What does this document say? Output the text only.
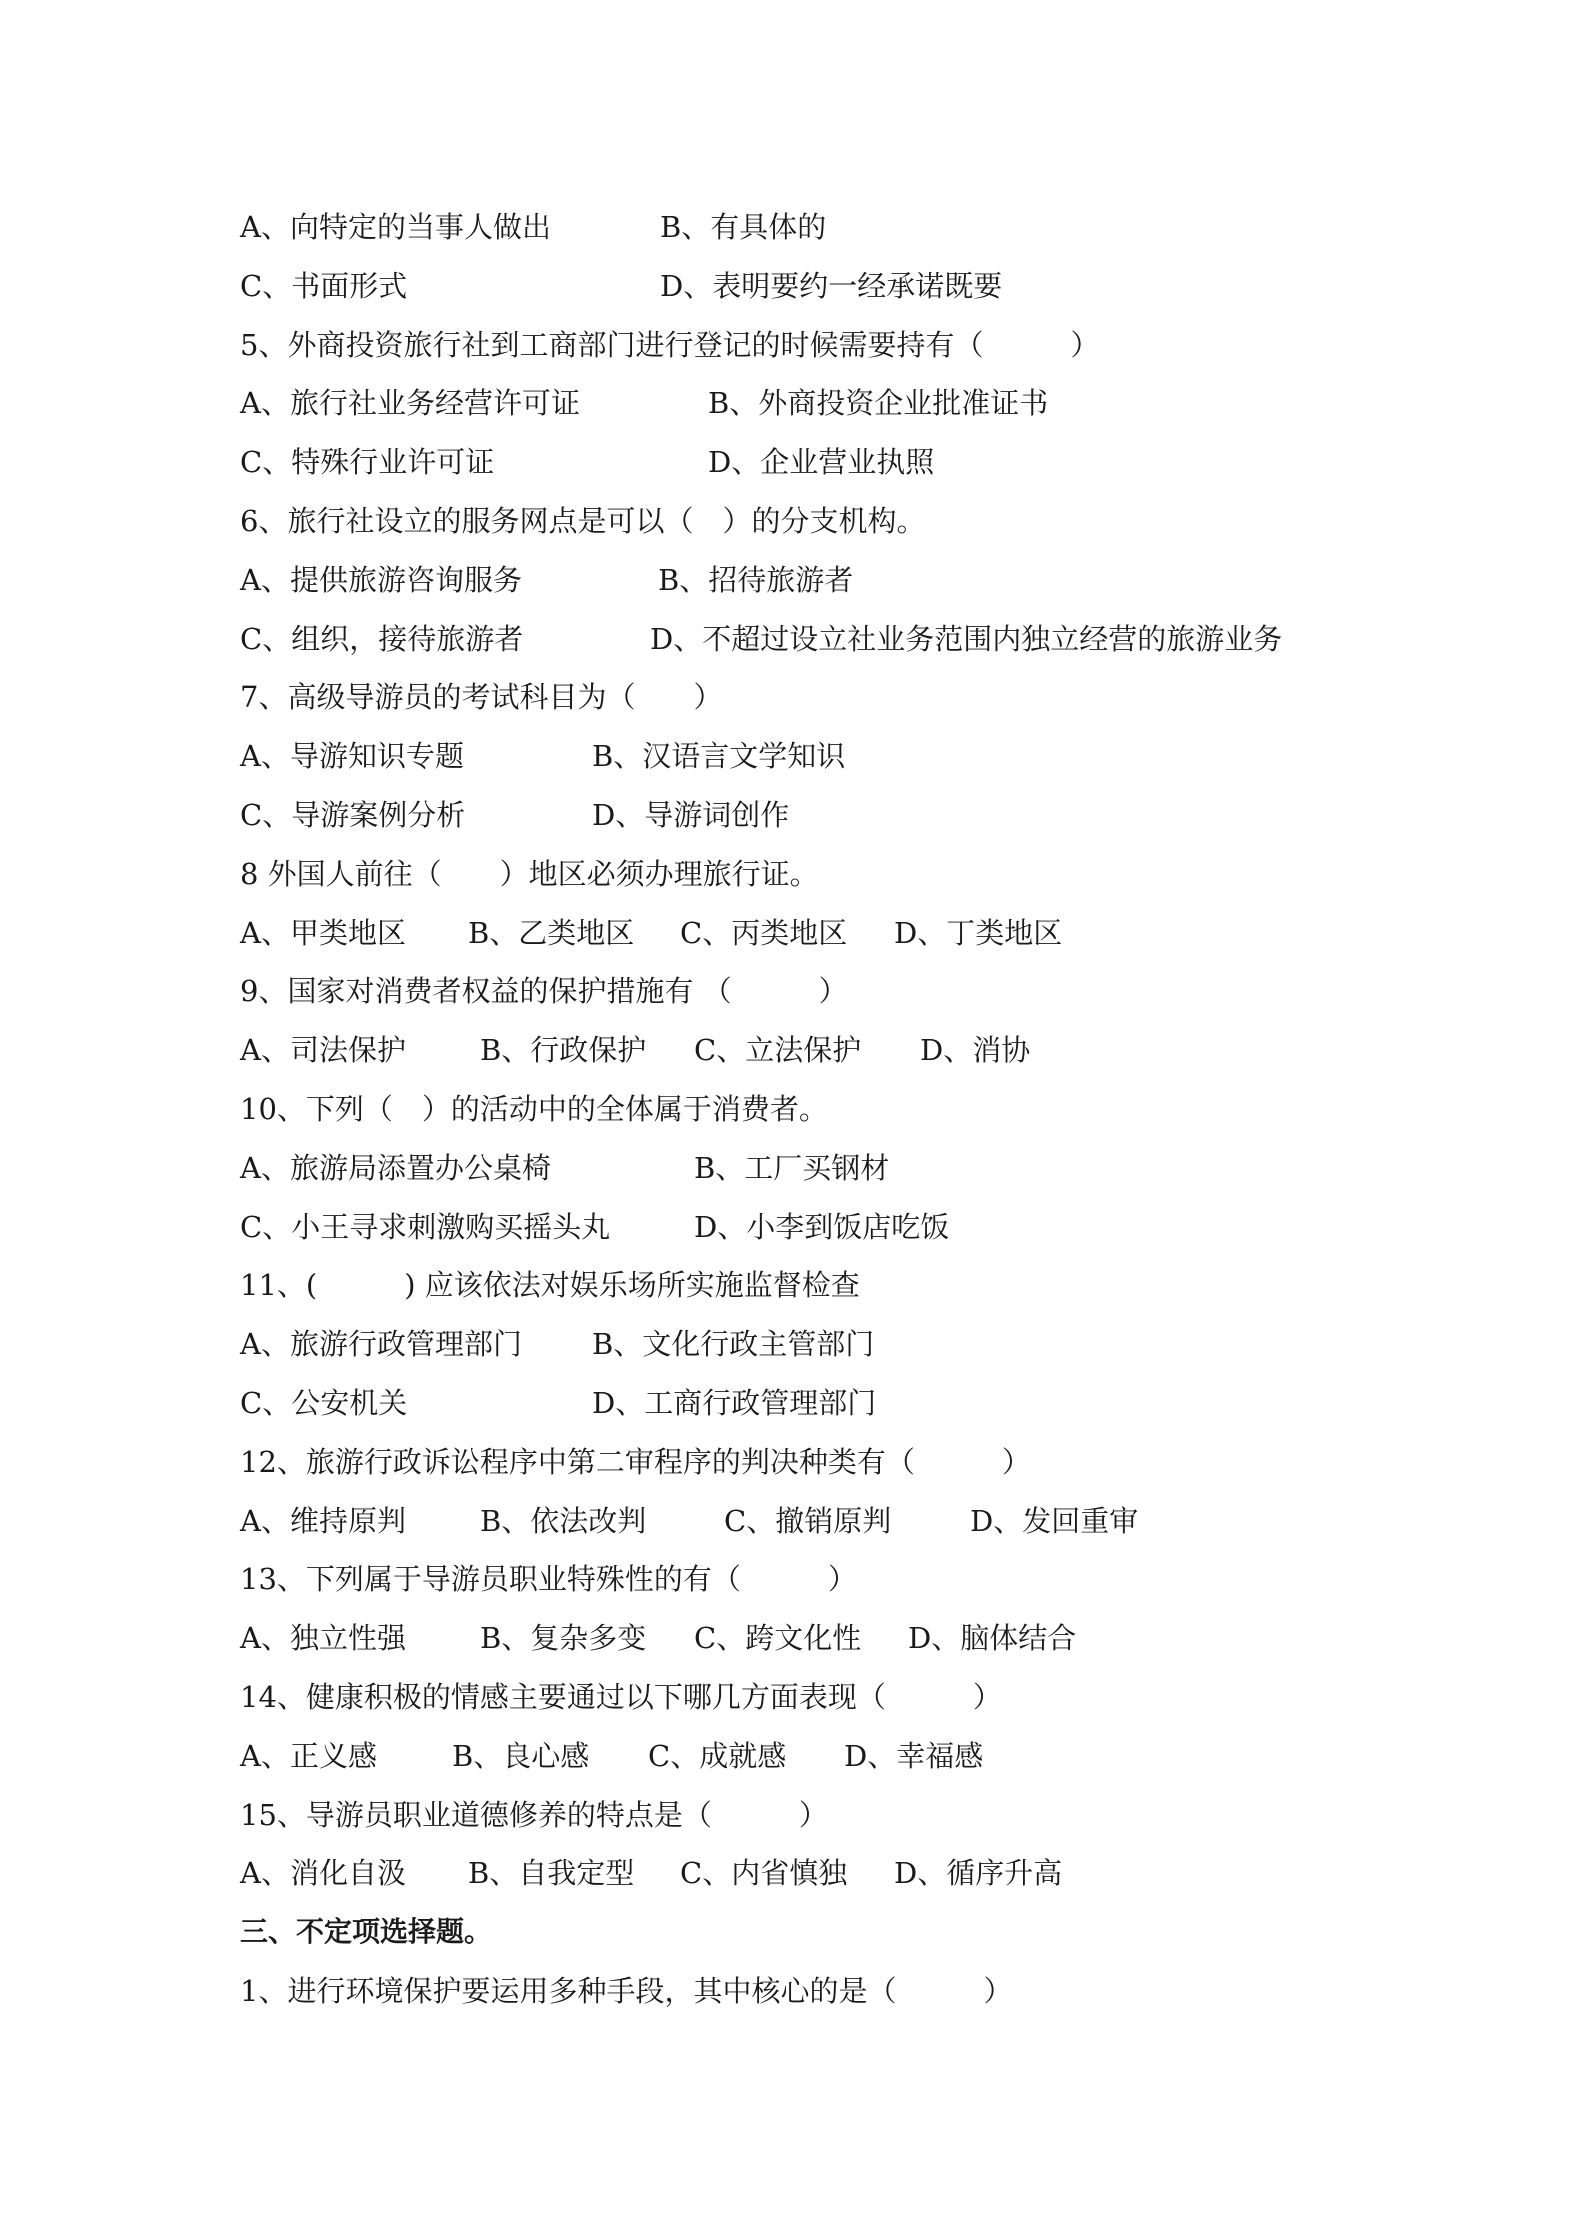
A、向特定的当事人做出	B、有具体的
C、书面形式	D、表明要约一经承诺既要
5、外商投资旅行社到工商部门进行登记的时候需要持有（　　　）
A、旅行社业务经营许可证	B、外商投资企业批准证书
C、特殊行业许可证	D、企业营业执照
6、旅行社设立的服务网点是可以（　）的分支机构。
A、提供旅游咨询服务	B、招待旅游者
C、组织，接待旅游者	D、不超过设立社业务范围内独立经营的旅游业务
7、高级导游员的考试科目为（　　）
A、导游知识专题	B、汉语言文学知识
C、导游案例分析	D、导游词创作
8 外国人前往（　　）地区必须办理旅行证。
A、甲类地区 B、乙类地区 C、丙类地区 D、丁类地区
9、国家对消费者权益的保护措施有 （　　　）
A、司法保护	B、行政保护 C、立法保护 D、消协
10、下列（　）的活动中的全体属于消费者。
A、旅游局添置办公桌椅	B、工厂买钢材
C、小王寻求刺激购买摇头丸	D、小李到饭店吃饭
11、(　　　) 应该依法对娱乐场所实施监督检查
A、旅游行政管理部门 B、文化行政主管部门
C、公安机关	D、工商行政管理部门
12、旅游行政诉讼程序中第二审程序的判决种类有（　　　）
A、维持原判	B、依法改判	C、撤销原判	D、发回重审
13、下列属于导游员职业特殊性的有（　　　）
A、独立性强	B、复杂多变 C、跨文化性 D、脑体结合
14、健康积极的情感主要通过以下哪几方面表现（　　　）
A、正义感	B、良心感 C、成就感 D、幸福感
15、导游员职业道德修养的特点是（　　　）
A、消化自汲 B、自我定型 C、内省慎独 D、循序升高
三、不定项选择题。
1、进行环境保护要运用多种手段，其中核心的是（　　　）
